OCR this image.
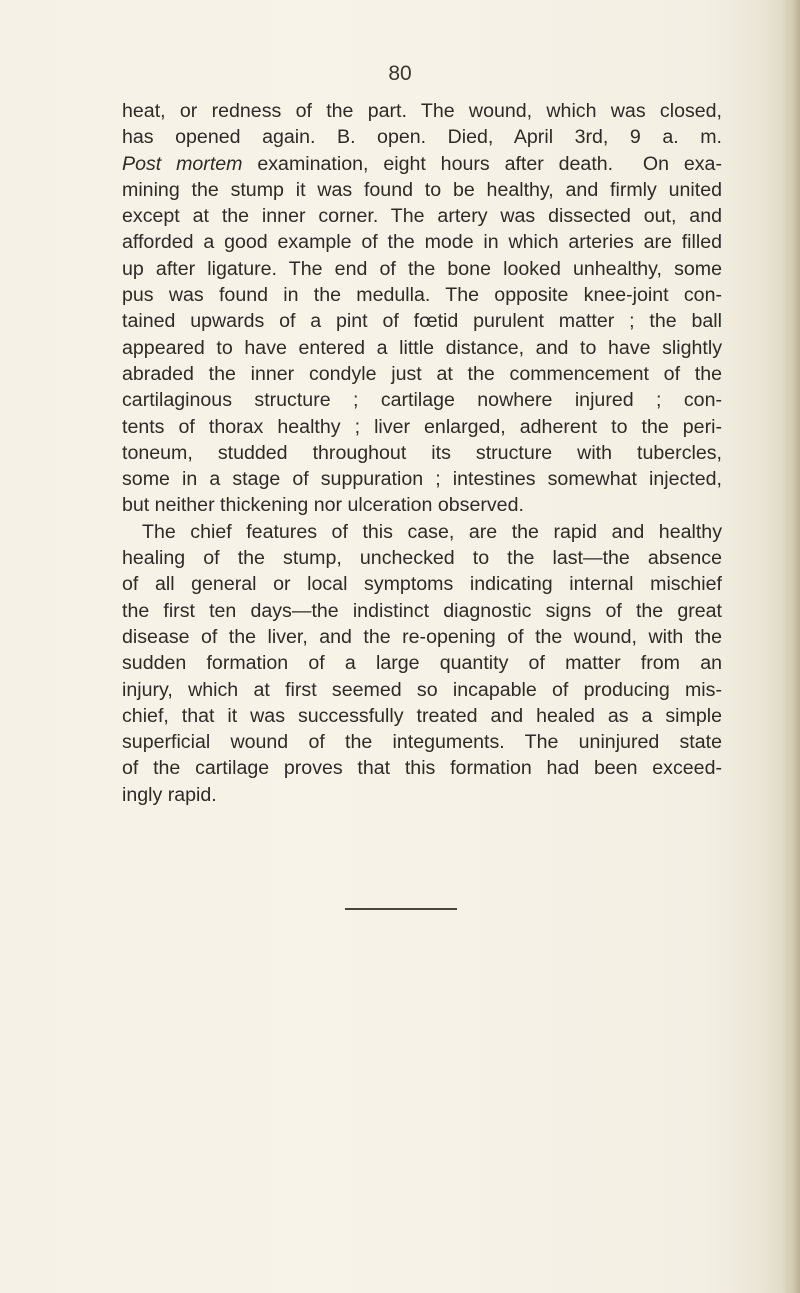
80
heat, or redness of the part. The wound, which was closed,
has opened again. B. open. Died, April 3rd, 9 a. m.
Post mortem examination, eight hours after death.  On exa-
mining the stump it was found to be healthy, and firmly united
except at the inner corner. The artery was dissected out, and
afforded a good example of the mode in which arteries are filled
up after ligature. The end of the bone looked unhealthy, some
pus was found in the medulla. The opposite knee-joint con-
tained upwards of a pint of fœtid purulent matter ; the ball
appeared to have entered a little distance, and to have slightly
abraded the inner condyle just at the commencement of the
cartilaginous structure ; cartilage nowhere injured ; con-
tents of thorax healthy ; liver enlarged, adherent to the peri-
toneum, studded throughout its structure with tubercles,
some in a stage of suppuration ; intestines somewhat injected,
but neither thickening nor ulceration observed.
The chief features of this case, are the rapid and healthy
healing of the stump, unchecked to the last—the absence
of all general or local symptoms indicating internal mischief
the first ten days—the indistinct diagnostic signs of the great
disease of the liver, and the re-opening of the wound, with the
sudden formation of a large quantity of matter from an
injury, which at first seemed so incapable of producing mis-
chief, that it was successfully treated and healed as a simple
superficial wound of the integuments. The uninjured state
of the cartilage proves that this formation had been exceed-
ingly rapid.
